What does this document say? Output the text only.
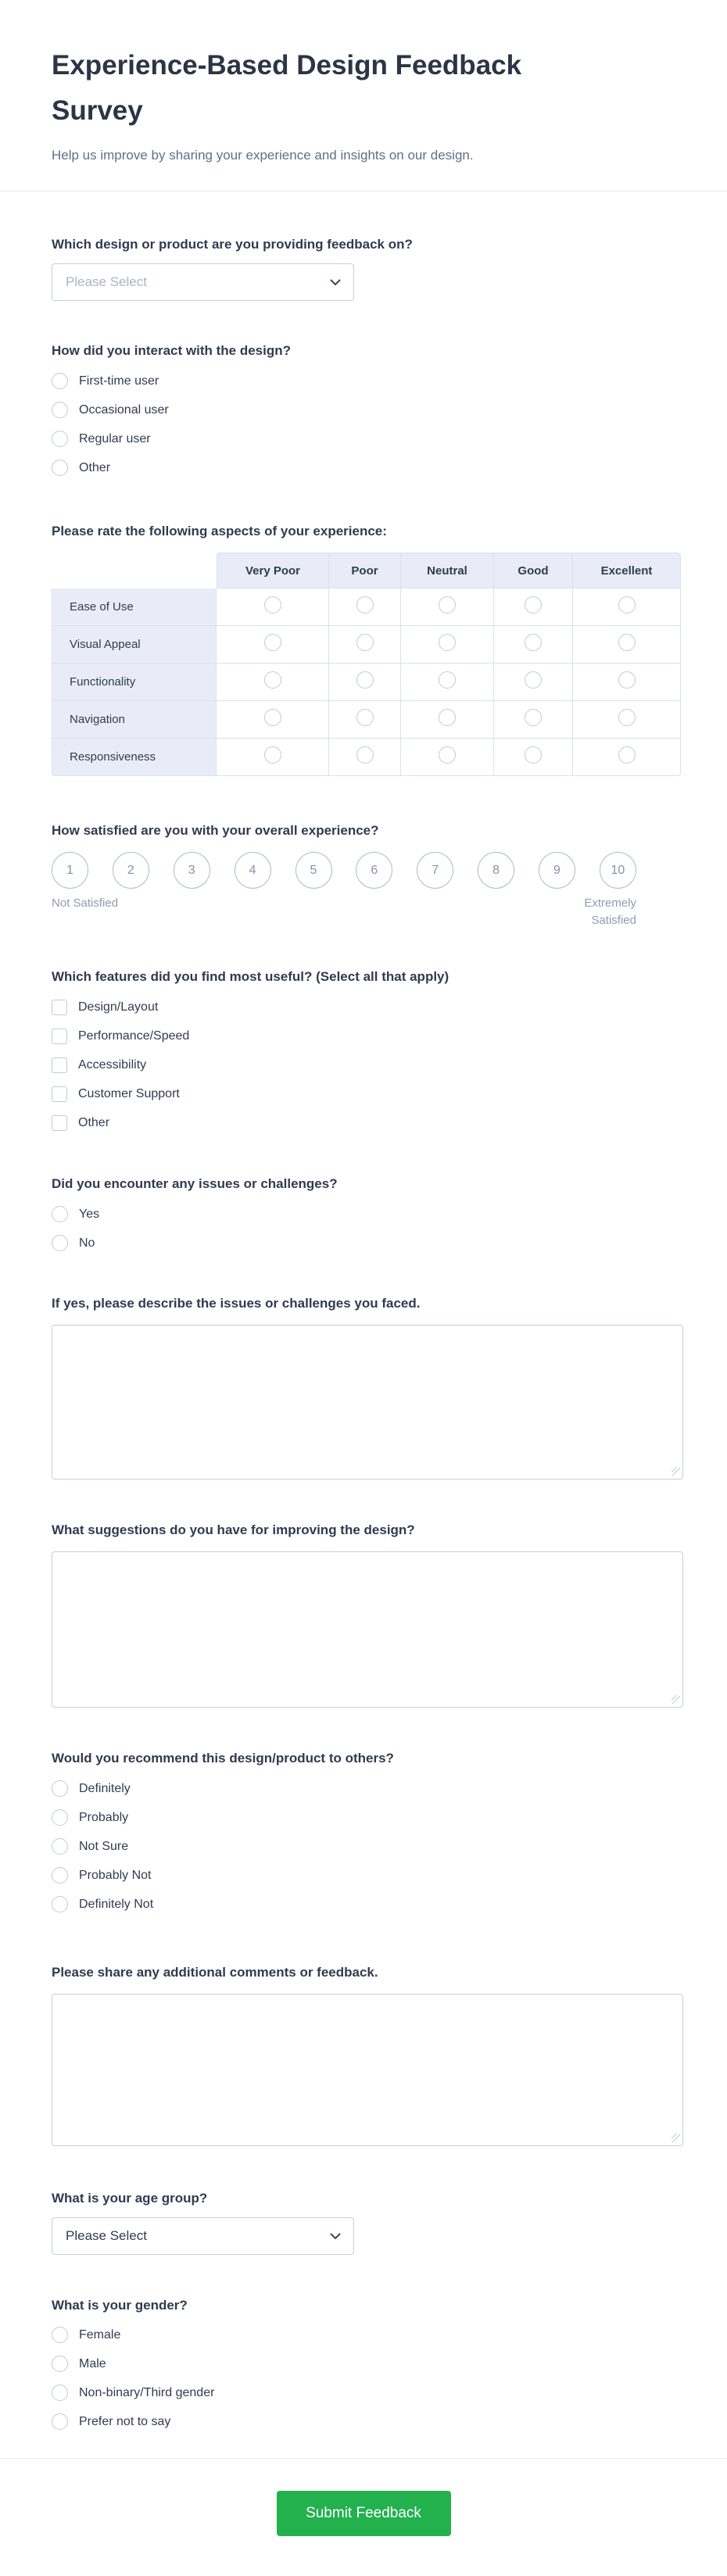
Experience-Based Design Feedback Survey

Help us improve by sharing your experience and insights on our design.

Which design or product are you providing feedback on?
Please Select
How did you interact with the design?
First-time user
Occasional user
Regular user
Other
Please rate the following aspects of your experience:
	Very Poor	Poor	Neutral	Good	Excellent
Ease of Use					
Visual Appeal					
Functionality					
Navigation					
Responsiveness					
How satisfied are you with your overall experience?
1	2	3	4	5	6	7	8	9	10
Not Satisfied	Extremely Satisfied
Which features did you find most useful? (Select all that apply)
Design/Layout
Performance/Speed
Accessibility
Customer Support
Other
Did you encounter any issues or challenges?
Yes
No
If yes, please describe the issues or challenges you faced.
What suggestions do you have for improving the design?
Would you recommend this design/product to others?
Definitely
Probably
Not Sure
Probably Not
Definitely Not
Please share any additional comments or feedback.
What is your age group?
Please Select
What is your gender?
Female
Male
Non-binary/Third gender
Prefer not to say
Submit Feedback
